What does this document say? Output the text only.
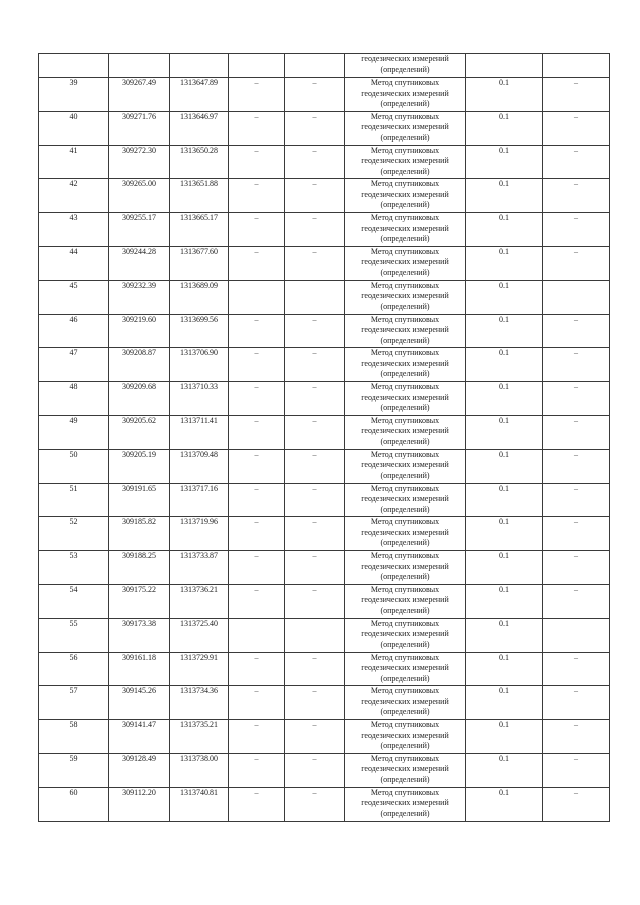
					геодезических измерений
(определений)		

39	309267.49	1313647.89	–	–	Метод спутниковых
геодезических измерений
(определений)	0.1	–
40	309271.76	1313646.97	–	–	Метод спутниковых
геодезических измерений
(определений)	0.1	–
41	309272.30	1313650.28	–	–	Метод спутниковых
геодезических измерений
(определений)	0.1	–
42	309265.00	1313651.88	–	–	Метод спутниковых
геодезических измерений
(определений)	0.1	–
43	309255.17	1313665.17	–	–	Метод спутниковых
геодезических измерений
(определений)	0.1	–
44	309244.28	1313677.60	–	–	Метод спутниковых
геодезических измерений
(определений)	0.1	–
45	309232.39	1313689.09			Метод спутниковых
геодезических измерений
(определений)	0.1	
46	309219.60	1313699.56	–	–	Метод спутниковых
геодезических измерений
(определений)	0.1	–
47	309208.87	1313706.90	–	–	Метод спутниковых
геодезических измерений
(определений)	0.1	–
48	309209.68	1313710.33	–	–	Метод спутниковых
геодезических измерений
(определений)	0.1	–
49	309205.62	1313711.41	–	–	Метод спутниковых
геодезических измерений
(определений)	0.1	–
50	309205.19	1313709.48	–	–	Метод спутниковых
геодезических измерений
(определений)	0.1	–
51	309191.65	1313717.16	–	–	Метод спутниковых
геодезических измерений
(определений)	0.1	–
52	309185.82	1313719.96	–	–	Метод спутниковых
геодезических измерений
(определений)	0.1	–
53	309188.25	1313733.87	–	–	Метод спутниковых
геодезических измерений
(определений)	0.1	–
54	309175.22	1313736.21	–	–	Метод спутниковых
геодезических измерений
(определений)	0.1	–
55	309173.38	1313725.40			Метод спутниковых
геодезических измерений
(определений)	0.1	
56	309161.18	1313729.91	–	–	Метод спутниковых
геодезических измерений
(определений)	0.1	–
57	309145.26	1313734.36	–	–	Метод спутниковых
геодезических измерений
(определений)	0.1	–
58	309141.47	1313735.21	–	–	Метод спутниковых
геодезических измерений
(определений)	0.1	–
59	309128.49	1313738.00	–	–	Метод спутниковых
геодезических измерений
(определений)	0.1	–
60	309112.20	1313740.81	–	–	Метод спутниковых
геодезических измерений
(определений)	0.1	–
